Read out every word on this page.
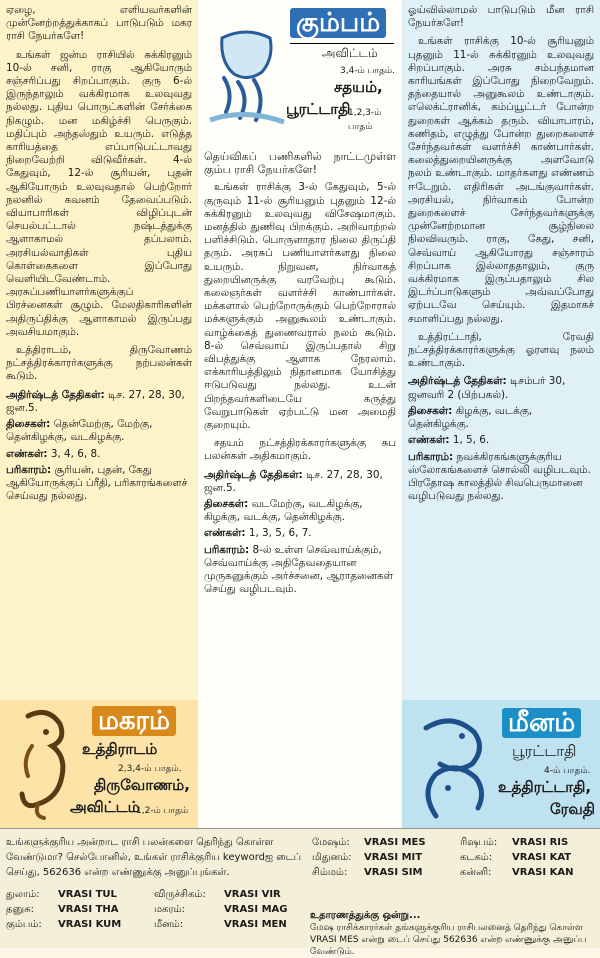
ஏழை, எளியவர்களின் முன்னேற்றத்துக்காகப் பாடுபடும் மகர ராசி நேயர்களே!

உங்கள் ஜன்ம ராசியில் சுக்கிரனும் 10-ல் சனி, ராகு ஆகியோரும் சஞ்சரிப்பது சிறப்பாகும். குரு 6-ல் இருந்தாலும் வக்கிரமாக உலவுவது நல்லது. புதிய பொருட்களின் சேர்க்கை நிகழும். மன மகிழ்ச்சி பெருகும். மதிப்பும் அந்தஸ்தும் உயரும். எடுத்த காரியத்தை எப்பாடுபட்டாவது நிறைவேற்றி விடுவீர்கள். 4-ல் கேதுவும், 12-ல் சூரியன், புதன் ஆகியோரும் உலவுவதால் பெற்றோர் நலனில் கவனம் தேவைப்படும். வியாபாரிகள் விழிப்புடன் செயல்பட்டால் நஷ்டத்துக்கு ஆளாகாமல் தப்பலாம். அரசியல்வாதிகள் புதிய கொள்கைகளை இப்போது வெளியிடவேண்டாம். அரசுப்பணியாளர்களுக்குப் பிரச்னைகள் சூழும். மேலதிகாரிகளின் அதிருப்திக்கு ஆளாகாமல் இருப்பது அவசியமாகும்.

உத்திராடம், திருவோணம் நட்சத்திரக்காரர்களுக்கு நற்பலன்கள் கூடும்.

அதிர்ஷ்டத் தேதிகள்: டிச. 27, 28, 30, ஜன.5.
திசைகள்: தென்மேற்கு, மேற்கு, தென்கிழக்கு, வடகிழக்கு.
எண்கள்: 3, 4, 6, 8.
பரிகாரம்: சூரியன், புதன், கேது ஆகியோருக்குப் ப்ரீதி, பரிகாரங்களைச் செய்வது நல்லது.

தெய்விகப் பணிகளில் நாட்டமுள்ள கும்ப ராசி நேயர்களே!

உங்கள் ராசிக்கு 3-ல் கேதுவும், 5-ல் குருவும் 11-ல் சூரியனும் புதனும் 12-ல் சுக்கிரனும் உலவுவது விசேஷமாகும். மனத்தில் துணிவு பிறக்கும். அறிவாற்றல் பளிச்சிடும். பொருளாதார நிலை திருப்தி தரும். அரசுப் பணியாளர்களது நிலை உயரும். நிறுவன, நிர்வாகத் துறையினருக்கு வரவேற்பு கூடும். கலைஞர்கள் வளர்ச்சி காண்பார்கள். மக்களால் பெற்றோருக்கும் பெற்றோரால் மக்களுக்கும் அனுகூலம் உண்டாகும். வாழ்க்கைத் துணைவரால் நலம் கூடும். 8-ல் செவ்வாய் இருப்பதால் சிறு விபத்துக்கு ஆளாக நேரலாம். எக்காரியத்திலும் நிதானமாக யோசித்து ஈடுபடுவது நல்லது. உடன் பிறந்தவர்களிடையே கருத்து வேறுபாடுகள் ஏற்பட்டு மன அமைதி குறையும்.

சதயம் நட்சத்திரக்காரர்களுக்கு சுப பலன்கள் அதிகமாகும்.

அதிர்ஷ்டத் தேதிகள்: டிச. 27, 28, 30, ஜன.5.
திசைகள்: வடமேற்கு, வடகிழக்கு, கிழக்கு, வடக்கு, தென்கிழக்கு.
எண்கள்: 1, 3, 5, 6, 7.
பரிகாரம்: 8-ல் உள்ள செவ்வாய்க்கும், செவ்வாய்க்கு அதிதேவதையான முருகனுக்கும் அர்ச்சனை, ஆராதனைகள் செய்து வழிபடவும்.

ஓய்வில்லாமல் பாடுபடும் மீன ராசி நேயர்களே!

உங்கள் ராசிக்கு 10-ல் சூரியனும் புதனும் 11-ல் சுக்கிரனும் உலவுவது சிறப்பாகும். அரசு சம்பந்தமான காரியங்கள் இப்போது நிறைவேறும். தந்தையால் அனுகூலம் உண்டாகும். எலெக்ட்ரானிக், கம்ப்யூட்டர் போன்ற துறைகள் ஆக்கம் தரும். வியாபாரம், கணிதம், எழுத்து போன்ற துறைகளைச் சேர்ந்தவர்கள் வளர்ச்சி காண்பார்கள். கலைத்துறையினருக்கு அளவோடு நலம் உண்டாகும். மாதர்களது எண்ணம் ஈடேறும். எதிரிகள் அடங்குவார்கள். அரசியல், நிர்வாகம் போன்ற துறைகளைச் சேர்ந்தவர்களுக்கு முன்னேற்றமான சூழ்நிலை நிலவிவரும். ராகு, கேது, சனி, செவ்வாய் ஆகியோரது சஞ்சாரம் சிறப்பாக இல்லாததாலும், குரு வக்கிரமாக இருப்பதாலும் சில இடர்ப்பாடுகளும் அவ்வப்போது ஏற்படவே செய்யும். இதமாகச் சமாளிப்பது நல்லது.

உத்திரட்டாதி, ரேவதி நட்சத்திரக்காரர்களுக்கு ஓரளவு நலம் உண்டாகும்.

அதிர்ஷ்டத் தேதிகள்: டிசம்பர் 30, ஜனவரி 2 (பிற்பகல்).
திசைகள்: கிழக்கு, வடக்கு, தென்கிழக்கு.
எண்கள்: 1, 5, 6.
பரிகாரம்: நவக்கிரகங்களுக்குரிய ஸ்லோகங்களைச் சொல்லி வழிபடவும். பிரதோஷ காலத்தில் சிவபெருமானை வழிபடுவது நல்லது.
கும்பம்
அவிட்டம்
3,4-ம் பாதம்.
சதயம்,
பூரட்டாதி
1,2,3-ம் பாதம்
மகரம்
உத்திராடம்
2,3,4-ம் பாதம்.
திருவோணம்,
அவிட்டம்
1,2-ம் பாதம்
மீனம்
பூரட்டாதி
4-ம் பாதம்.
உத்திரட்டாதி,
ரேவதி
உங்களுக்குரிய அன்றாட ராசி பலன்களை தெரிந்து கொள்ள வேண்டுமா? செல்போனில், உங்கள் ராசிக்குரிய keywordஐ டைப் செய்து, 562636 என்ற எண்ணுக்கு அனுப்புங்கள்.
மேஷம்:	VRASI MES	ரிஷபம்:	VRASI RIS
மிதுனம்:	VRASI MIT	கடகம்:	VRASI KAT
சிம்மம்:	VRASI SIM	கன்னி:	VRASI KAN
துலாம்:	VRASI TUL	விருச்சிகம்:	VRASI VIR
தனுசு:	VRASI THA	மகரம்:	VRASI MAG
கும்பம்:	VRASI KUM	மீனம்:	VRASI MEN
உதாரணத்துக்கு ஒன்று...
மேஷ ராசிக்காரர்கள் தங்களுக்குரிய ராசிபலனைத் தெரிந்து கொள்ள VRASI MES என்று டைப் செய்து 562636 என்ற எண்ணுக்கு அனுப்ப வேண்டும்.
